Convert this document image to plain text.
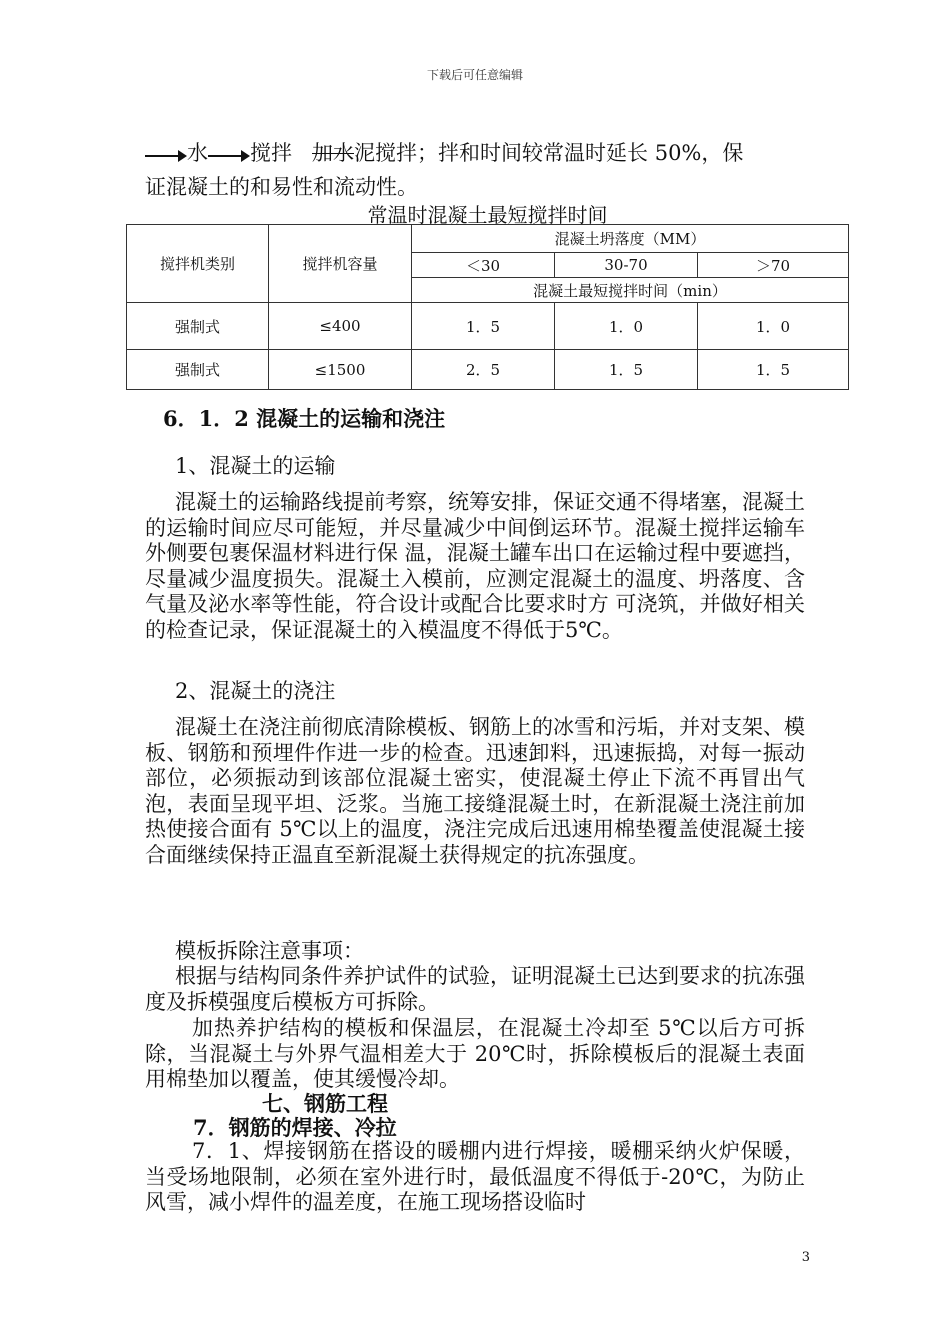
下载后可任意编辑
水 搅拌 加水泥搅拌；拌和时间较常温时延长 50%，保
证混凝土的和易性和流动性。
常温时混凝土最短搅拌时间
搅拌机类别	搅拌机容量	混凝土坍落度（MM）		
		＜30	30-70	＞70
		混凝土最短搅拌时间（min）		
强制式	≤400	1．5	1．0	1．0
强制式	≤1500	2．5	1．5	1．5
6．1．2 混凝土的运输和浇注
1、混凝土的运输

混凝土的运输路线提前考察，统筹安排，保证交通不得堵塞，混凝土的运输时间应尽可能短，并尽量减少中间倒运环节。混凝土搅拌运输车外侧要包裹保温材料进行保 温，混凝土罐车出口在运输过程中要遮挡，尽量减少温度损失。混凝土入模前，应测定混凝土的温度、坍落度、含气量及泌水率等性能，符合设计或配合比要求时方 可浇筑，并做好相关的检查记录，保证混凝土的入模温度不得低于5℃。

2、混凝土的浇注

混凝土在浇注前彻底清除模板、钢筋上的冰雪和污垢，并对支架、模板、钢筋和预埋件作进一步的检查。迅速卸料，迅速振捣，对每一振动部位，必须振动到该部位混凝土密实，使混凝土停止下流不再冒出气泡，表面呈现平坦、泛浆。当施工接缝混凝土时，在新混凝土浇注前加热使接合面有 5℃以上的温度，浇注完成后迅速用棉垫覆盖使混凝土接合面继续保持正温直至新混凝土获得规定的抗冻强度。

模板拆除注意事项：

根据与结构同条件养护试件的试验，证明混凝土已达到要求的抗冻强度及拆模强度后模板方可拆除。

加热养护结构的模板和保温层，在混凝土冷却至 5℃以后方可拆除，当混凝土与外界气温相差大于 20℃时，拆除模板后的混凝土表面用棉垫加以覆盖，使其缓慢冷却。

七、钢筋工程
7．钢筋的焊接、冷拉

7．1、焊接钢筋在搭设的暖棚内进行焊接，暖棚采纳火炉保暖，当受场地限制，必须在室外进行时，最低温度不得低于-20℃，为防止风雪，减小焊件的温差度，在施工现场搭设临时

3
